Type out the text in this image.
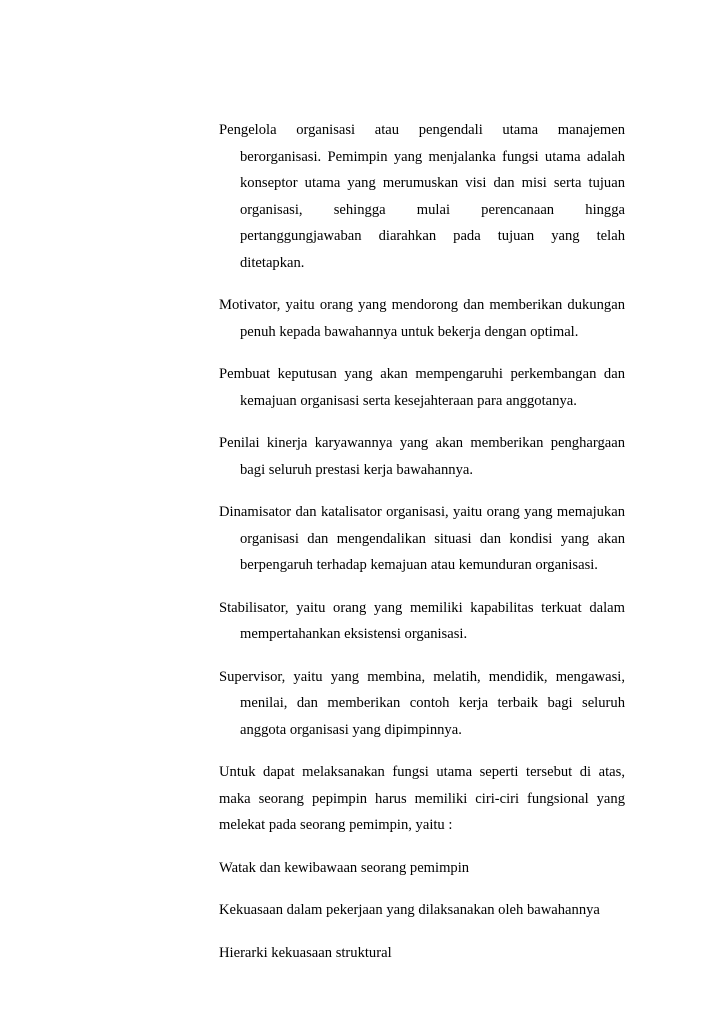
Pengelola organisasi atau pengendali utama manajemen berorganisasi. Pemimpin yang menjalanka fungsi utama adalah konseptor utama yang merumuskan visi dan misi serta tujuan organisasi, sehingga mulai perencanaan hingga pertanggungjawaban diarahkan pada tujuan yang telah ditetapkan.

Motivator, yaitu orang yang mendorong dan memberikan dukungan penuh kepada bawahannya untuk bekerja dengan optimal.

Pembuat keputusan yang akan mempengaruhi perkembangan dan kemajuan organisasi serta kesejahteraan para anggotanya.

Penilai kinerja karyawannya yang akan memberikan penghargaan bagi seluruh prestasi kerja bawahannya.

Dinamisator dan katalisator organisasi, yaitu orang yang memajukan organisasi dan mengendalikan situasi dan kondisi yang akan berpengaruh terhadap kemajuan atau kemunduran organisasi.

Stabilisator, yaitu orang yang memiliki kapabilitas terkuat dalam mempertahankan eksistensi organisasi.

Supervisor, yaitu yang membina, melatih, mendidik, mengawasi, menilai, dan memberikan contoh kerja terbaik bagi seluruh anggota organisasi yang dipimpinnya.

Untuk dapat melaksanakan fungsi utama seperti tersebut di atas, maka seorang pepimpin harus memiliki ciri-ciri fungsional yang melekat pada seorang pemimpin, yaitu :

Watak dan kewibawaan seorang pemimpin

Kekuasaan dalam pekerjaan yang dilaksanakan oleh bawahannya

Hierarki kekuasaan struktural
